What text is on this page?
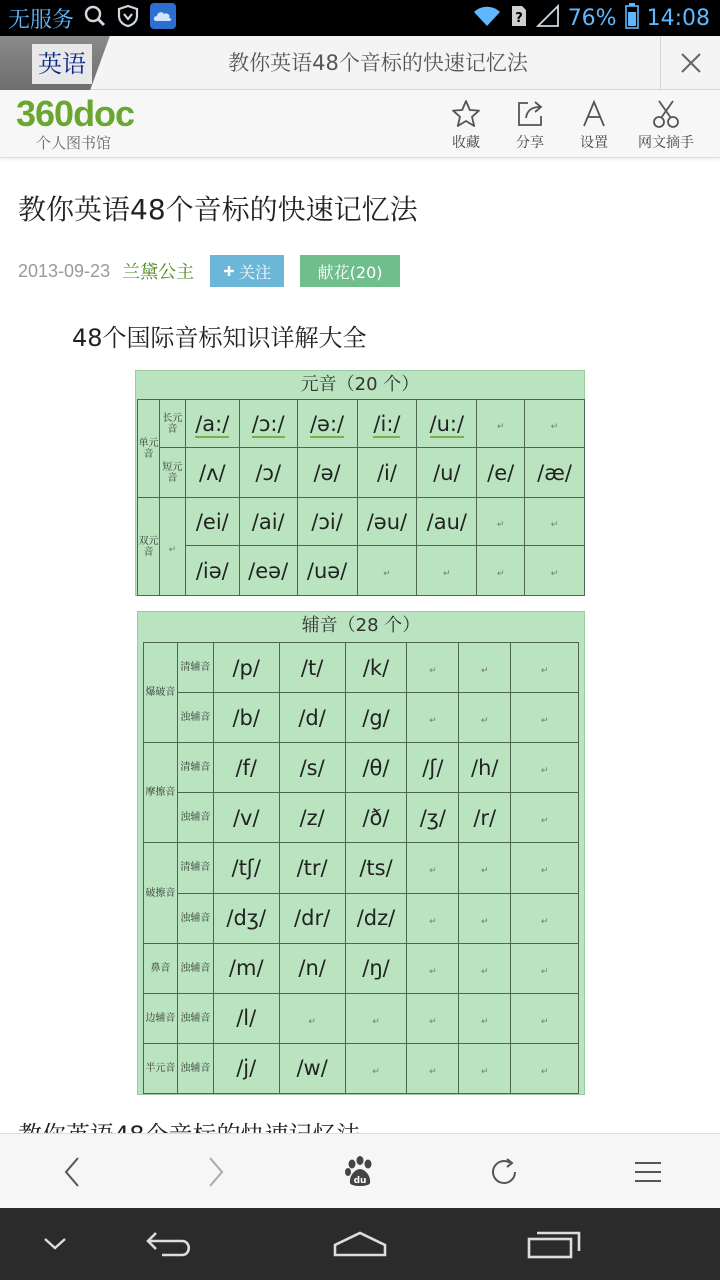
无服务	? 76% 14:08
英语	教你英语48个音标的快速记忆法
360doc
个人图书馆	收藏	分享	设置 网文摘手
教你英语48个音标的快速记忆法
2013-09-23 兰黛公主	关注	献花(20)
48个国际音标知识详解大全
元音（20 个）
单元音	长元音	/a:/	/ɔ:/	/ə:/	/i:/	/u:/	↵	↵
	短元音	/ʌ/	/ɔ/	/ə/	/i/	/u/	/e/	/æ/
双元音	↵	/ei/	/ai/	/ɔi/	/əu/	/au/	↵	↵
		/iə/	/eə/	/uə/	↵	↵	↵	↵
辅音（28 个）
爆破音	清辅音	/p/	/t/	/k/	↵	↵	↵
	浊辅音	/b/	/d/	/g/	↵	↵	↵
摩擦音	清辅音	/f/	/s/	/θ/	/ʃ/	/h/	↵
	浊辅音	/v/	/z/	/ð/	/ʒ/	/r/	↵
破擦音	清辅音	/tʃ/	/tr/	/ts/	↵	↵	↵
	浊辅音	/dʒ/	/dr/	/dz/	↵	↵	↵
鼻音	浊辅音	/m/	/n/	/ŋ/	↵	↵	↵
边辅音	浊辅音	/l/	↵	↵	↵	↵	↵
半元音	浊辅音	/j/	/w/	↵	↵	↵	↵
du
